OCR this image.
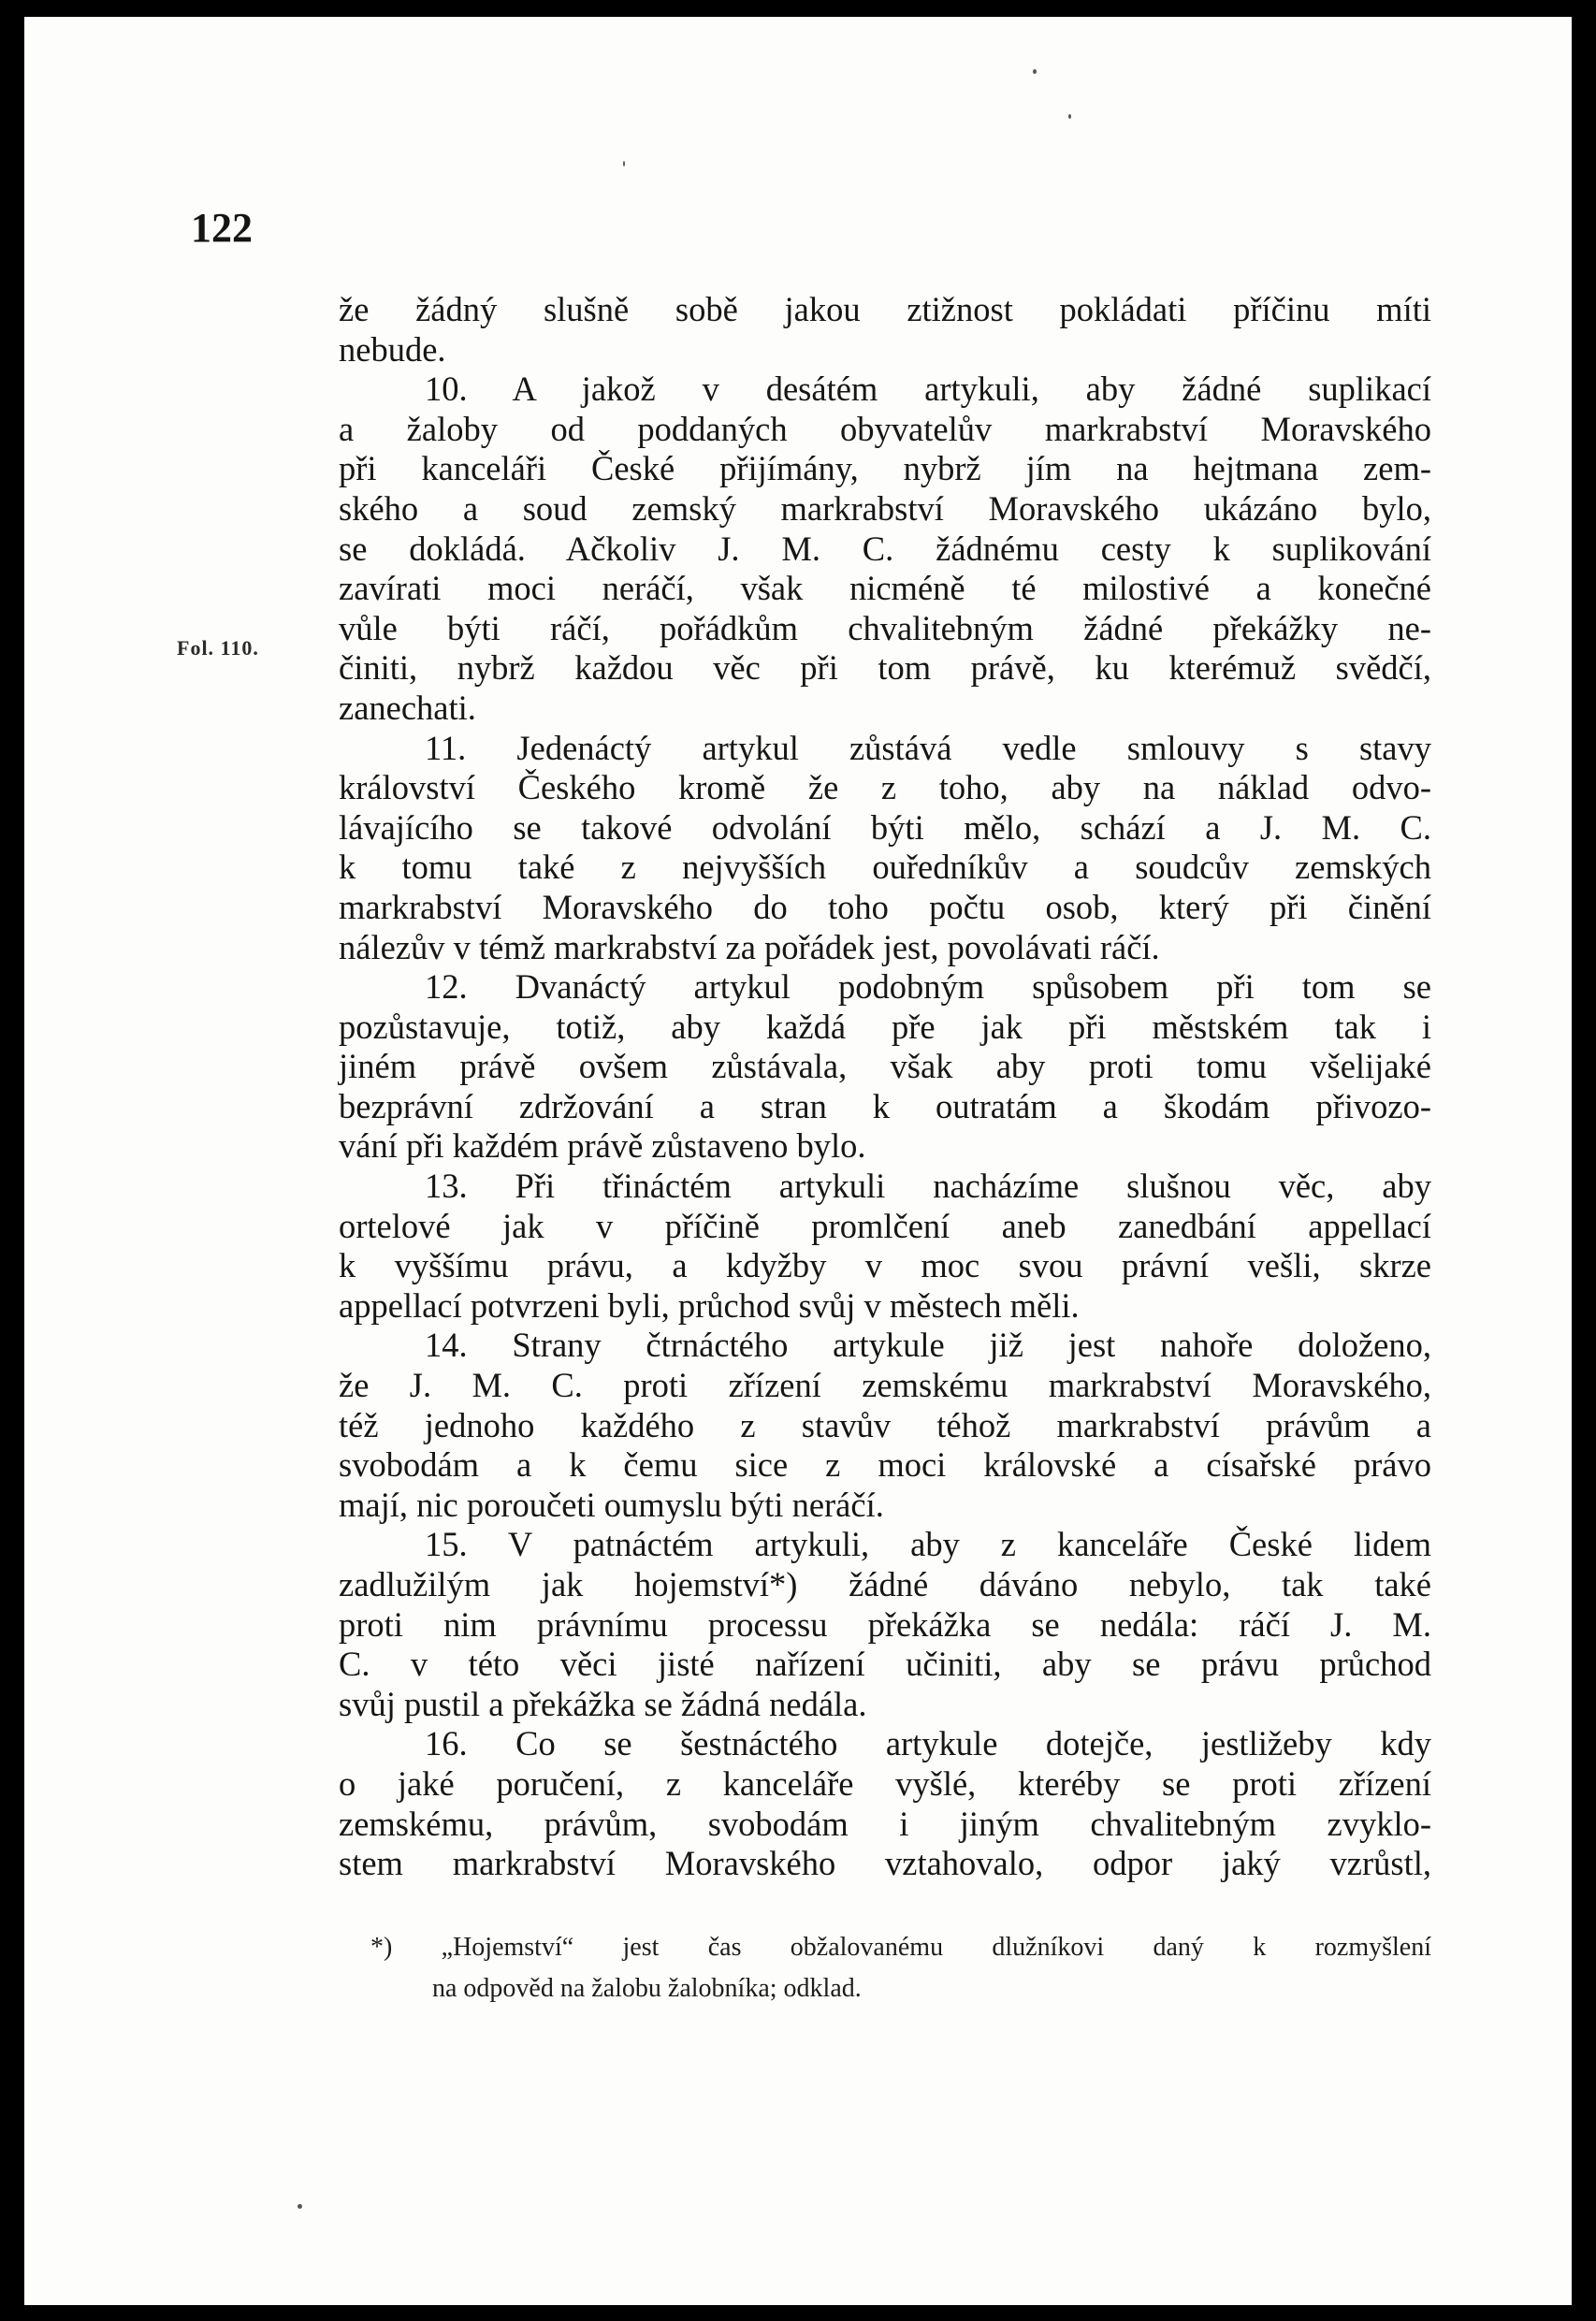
122
Fol. 110.
že žádný slušně sobě jakou ztižnost pokládati příčinu míti
nebude.
10. A jakož v desátém artykuli, aby žádné suplikací
a žaloby od poddaných obyvatelův markrabství Moravského
při kanceláři České přijímány, nybrž jím na hejtmana zem-
ského a soud zemský markrabství Moravského ukázáno bylo,
se dokládá. Ačkoliv J. M. C. žádnému cesty k suplikování
zavírati moci neráčí, však nicméně té milostivé a konečné
vůle býti ráčí, pořádkům chvalitebným žádné překážky ne-
činiti, nybrž každou věc při tom právě, ku kterémuž svědčí,
zanechati.
11. Jedenáctý artykul zůstává vedle smlouvy s stavy
království Českého kromě že z toho, aby na náklad odvo-
lávajícího se takové odvolání býti mělo, schází a J. M. C.
k tomu také z nejvyšších ouředníkův a soudcův zemských
markrabství Moravského do toho počtu osob, který při činění
nálezův v témž markrabství za pořádek jest, povolávati ráčí.
12. Dvanáctý artykul podobným spůsobem při tom se
pozůstavuje, totiž, aby každá pře jak při městském tak i
jiném právě ovšem zůstávala, však aby proti tomu všelijaké
bezprávní zdržování a stran k outratám a škodám přivozo-
vání při každém právě zůstaveno bylo.
13. Při třináctém artykuli nacházíme slušnou věc, aby
ortelové jak v příčině promlčení aneb zanedbání appellací
k vyššímu právu, a kdyžby v moc svou právní vešli, skrze
appellací potvrzeni byli, průchod svůj v městech měli.
14. Strany čtrnáctého artykule již jest nahoře doloženo,
že J. M. C. proti zřízení zemskému markrabství Moravského,
též jednoho každého z stavův téhož markrabství právům a
svobodám a k čemu sice z moci královské a císařské právo
mají, nic poroučeti oumyslu býti neráčí.
15. V patnáctém artykuli, aby z kanceláře České lidem
zadlužilým jak hojemství*) žádné dáváno nebylo, tak také
proti nim právnímu processu překážka se nedála: ráčí J. M.
C. v této věci jisté nařízení učiniti, aby se právu průchod
svůj pustil a překážka se žádná nedála.
16. Co se šestnáctého artykule dotejče, jestližeby kdy
o jaké poručení, z kanceláře vyšlé, kteréby se proti zřízení
zemskému, právům, svobodám i jiným chvalitebným zvyklo-
stem markrabství Moravského vztahovalo, odpor jaký vzrůstl,
*) „Hojemství“ jest čas obžalovanému dlužníkovi daný k rozmyšlení
na odpověd na žalobu žalobníka; odklad.
